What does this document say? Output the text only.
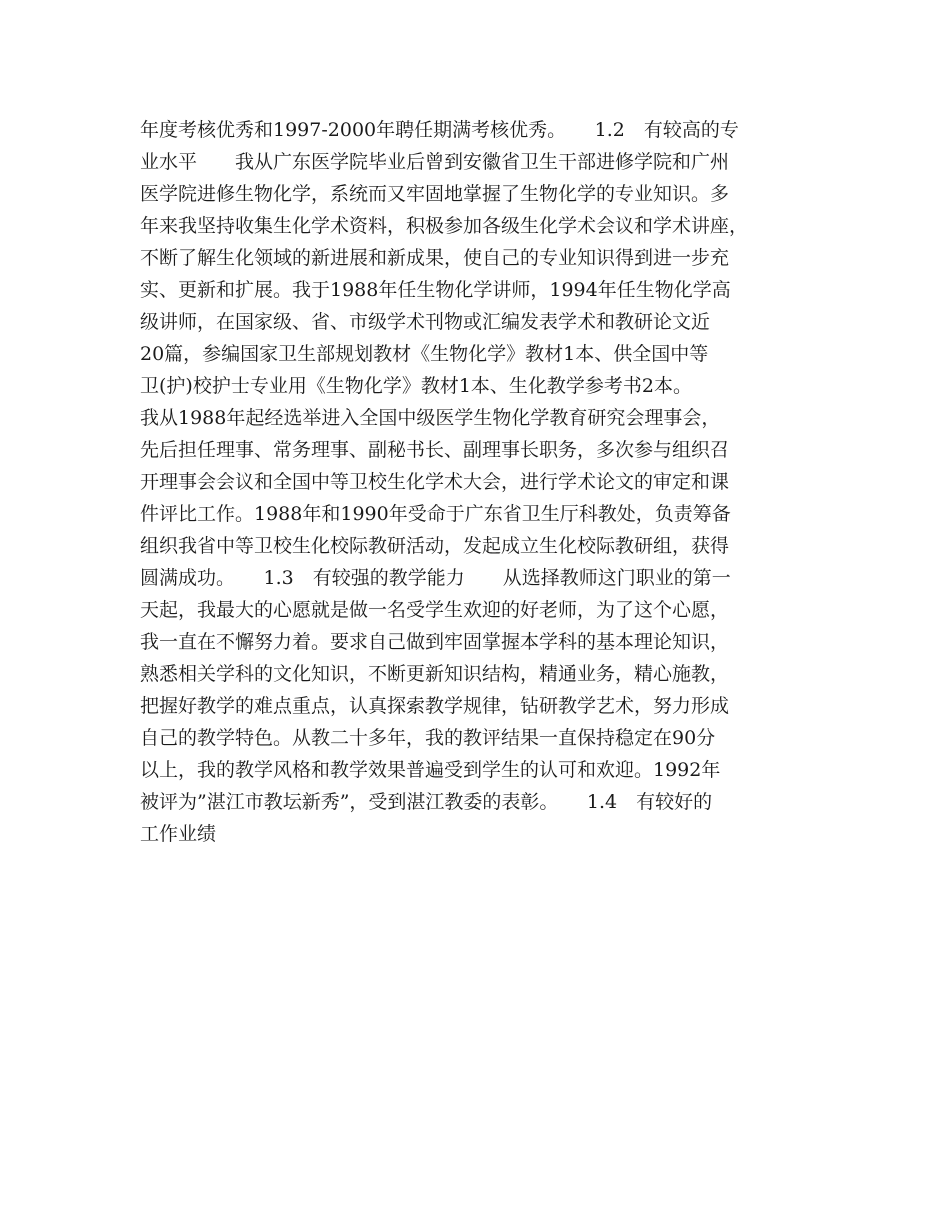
年度考核优秀和1997-2000年聘任期满考核优秀。　　1.2　有较高的专
业水平　　我从广东医学院毕业后曾到安徽省卫生干部进修学院和广州
医学院进修生物化学，系统而又牢固地掌握了生物化学的专业知识。多
年来我坚持收集生化学术资料，积极参加各级生化学术会议和学术讲座，
不断了解生化领域的新进展和新成果，使自己的专业知识得到进一步充
实、更新和扩展。我于1988年任生物化学讲师，1994年任生物化学高
级讲师，在国家级、省、市级学术刊物或汇编发表学术和教研论文近
20篇，参编国家卫生部规划教材《生物化学》教材1本、供全国中等
卫(护)校护士专业用《生物化学》教材1本、生化教学参考书2本。
我从1988年起经选举进入全国中级医学生物化学教育研究会理事会，
先后担任理事、常务理事、副秘书长、副理事长职务，多次参与组织召
开理事会会议和全国中等卫校生化学术大会，进行学术论文的审定和课
件评比工作。1988年和1990年受命于广东省卫生厅科教处，负责筹备
组织我省中等卫校生化校际教研活动，发起成立生化校际教研组，获得
圆满成功。　　1.3　有较强的教学能力　　从选择教师这门职业的第一
天起，我最大的心愿就是做一名受学生欢迎的好老师，为了这个心愿，
我一直在不懈努力着。要求自己做到牢固掌握本学科的基本理论知识，
熟悉相关学科的文化知识，不断更新知识结构，精通业务，精心施教，
把握好教学的难点重点，认真探索教学规律，钻研教学艺术，努力形成
自己的教学特色。从教二十多年，我的教评结果一直保持稳定在90分
以上，我的教学风格和教学效果普遍受到学生的认可和欢迎。1992年
被评为”湛江市教坛新秀”，受到湛江教委的表彰。　　1.4　有较好的
工作业绩
